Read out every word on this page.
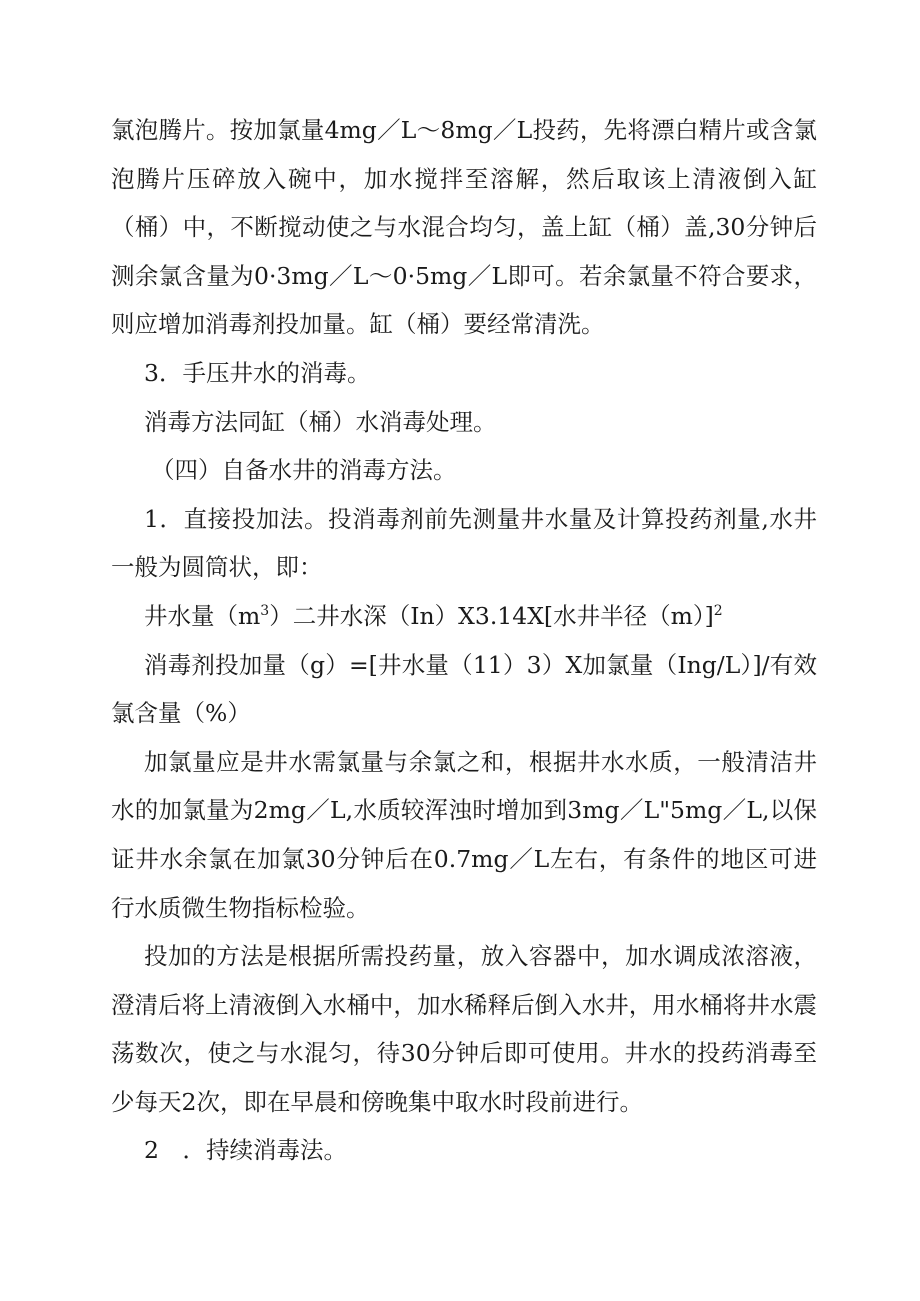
氯泡腾片。按加氯量4mg／L～8mg／L投药，先将漂白精片或含氯泡腾片压碎放入碗中，加水搅拌至溶解，然后取该上清液倒入缸（桶）中，不断搅动使之与水混合均匀，盖上缸（桶）盖,30分钟后测余氯含量为0·3mg／L～0·5mg／L即可。若余氯量不符合要求，则应增加消毒剂投加量。缸（桶）要经常清洗。

3．手压井水的消毒。

消毒方法同缸（桶）水消毒处理。

（四）自备水井的消毒方法。

1．直接投加法。投消毒剂前先测量井水量及计算投药剂量,水井一般为圆筒状，即：

井水量$(m^3)$二井水深（In）X3.14X[水井半径（m）]$^2$

消毒剂投加量（g）=[井水量（11）3）X加氯量（Ing/L）]/有效氯含量（%）

加氯量应是井水需氯量与余氯之和，根据井水水质，一般清洁井水的加氯量为2mg／L,水质较浑浊时增加到3mg／L"5mg／L,以保证井水余氯在加氯30分钟后在0.7mg／L左右，有条件的地区可进行水质微生物指标检验。

投加的方法是根据所需投药量，放入容器中，加水调成浓溶液，澄清后将上清液倒入水桶中，加水稀释后倒入水井，用水桶将井水震荡数次，使之与水混匀，待30分钟后即可使用。井水的投药消毒至少每天2次，即在早晨和傍晚集中取水时段前进行。

2　．持续消毒法。
